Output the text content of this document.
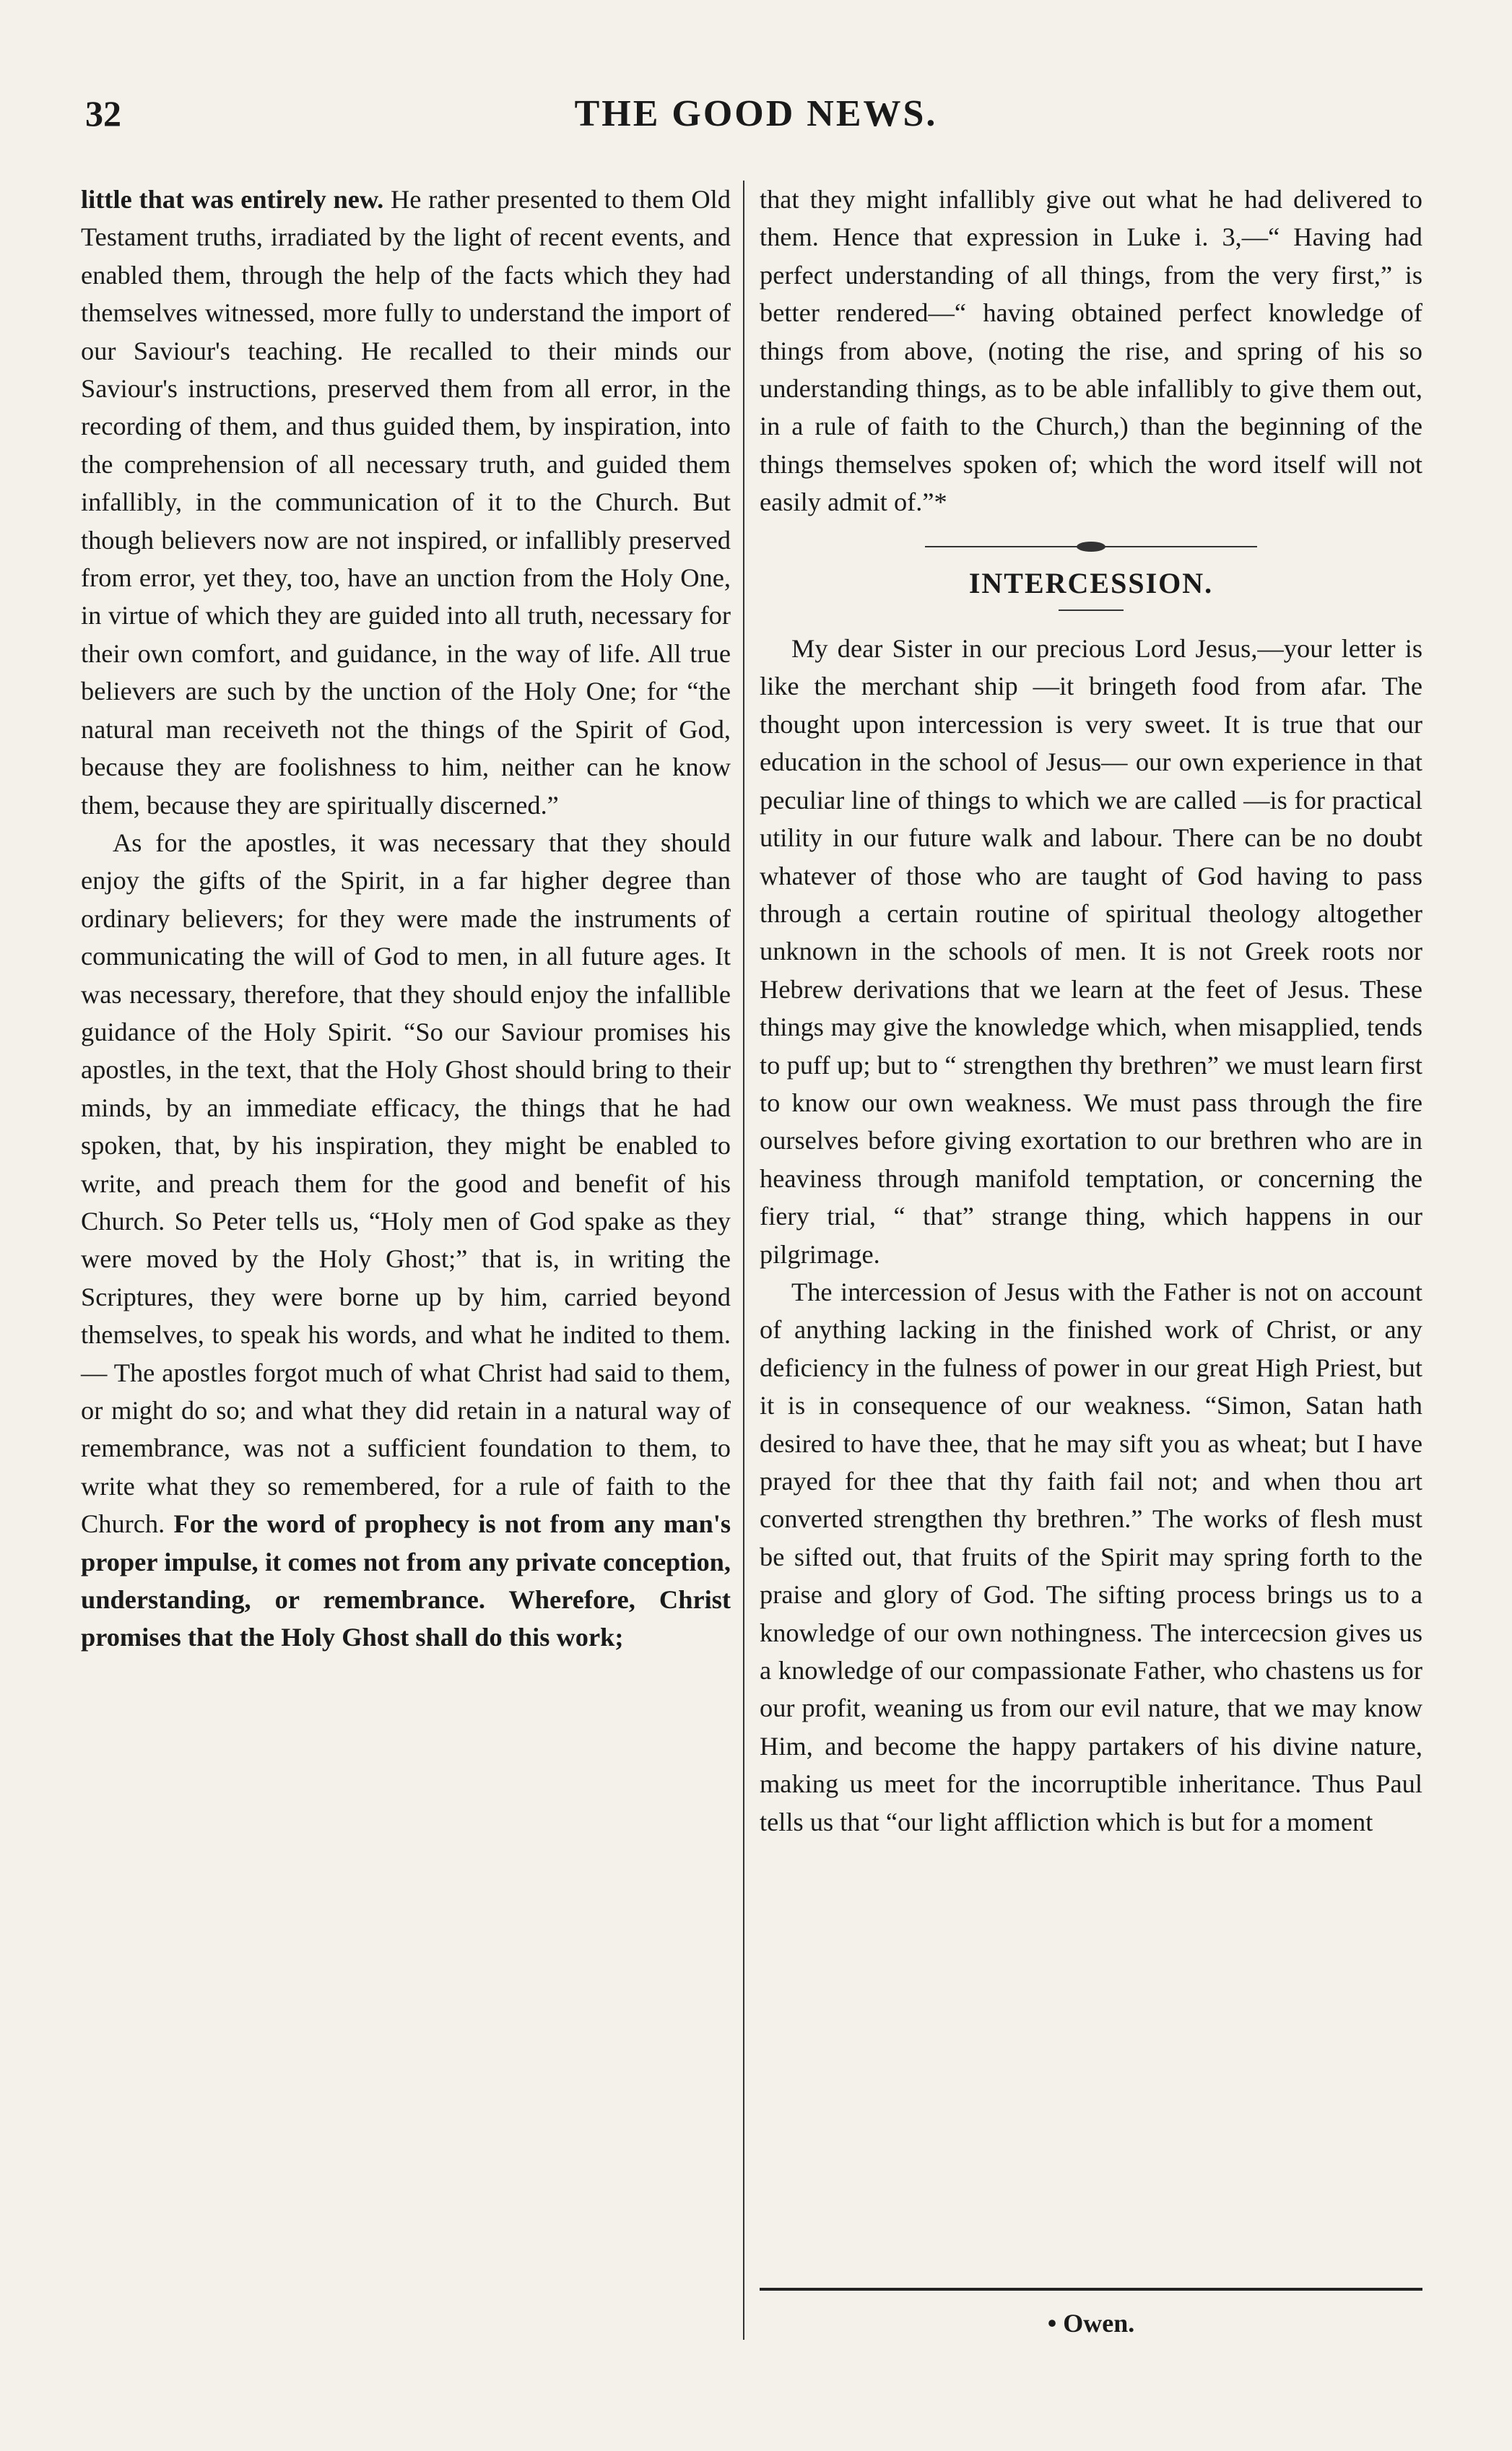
32	THE GOOD NEWS.

little that was entirely new. He rather presented to them Old Testament truths, irradiated by the light of recent events, and enabled them, through the help of the facts which they had themselves witnessed, more fully to understand the import of our Saviour's teaching. He recalled to their minds our Saviour's instructions, preserved them from all error, in the recording of them, and thus guided them, by inspiration, into the comprehension of all necessary truth, and guided them infallibly, in the communication of it to the Church. But though believers now are not inspired, or infallibly preserved from error, yet they, too, have an unction from the Holy One, in virtue of which they are guided into all truth, necessary for their own comfort, and guidance, in the way of life. All true believers are such by the unction of the Holy One; for “the natural man receiveth not the things of the Spirit of God, because they are foolishness to him, neither can he know them, because they are spiritually discerned.”

As for the apostles, it was necessary that they should enjoy the gifts of the Spirit, in a far higher degree than ordinary believers; for they were made the instruments of communicating the will of God to men, in all future ages. It was necessary, therefore, that they should enjoy the infallible guidance of the Holy Spirit. “So our Saviour promises his apostles, in the text, that the Holy Ghost should bring to their minds, by an immediate efficacy, the things that he had spoken, that, by his inspiration, they might be enabled to write, and preach them for the good and benefit of his Church. So Peter tells us, “Holy men of God spake as they were moved by the Holy Ghost;” that is, in writing the Scriptures, they were borne up by him, carried beyond themselves, to speak his words, and what he indited to them.— The apostles forgot much of what Christ had said to them, or might do so; and what they did retain in a natural way of remembrance, was not a sufficient foundation to them, to write what they so remembered, for a rule of faith to the Church. For the word of prophecy is not from any man's proper impulse, it comes not from any private conception, understanding, or remembrance. Wherefore, Christ promises that the Holy Ghost shall do this work;

that they might infallibly give out what he had delivered to them. Hence that expression in Luke i. 3,—“ Having had perfect understanding of all things, from the very first,” is better rendered—“ having obtained perfect knowledge of things from above, (noting the rise, and spring of his so understanding things, as to be able infallibly to give them out, in a rule of faith to the Church,) than the beginning of the things themselves spoken of; which the word itself will not easily admit of.”*

INTERCESSION.

My dear Sister in our precious Lord Jesus,—your letter is like the merchant ship —it bringeth food from afar. The thought upon intercession is very sweet. It is true that our education in the school of Jesus— our own experience in that peculiar line of things to which we are called —is for practical utility in our future walk and labour. There can be no doubt whatever of those who are taught of God having to pass through a certain routine of spiritual theology altogether unknown in the schools of men. It is not Greek roots nor Hebrew derivations that we learn at the feet of Jesus. These things may give the knowledge which, when misapplied, tends to puff up; but to “ strengthen thy brethren” we must learn first to know our own weakness. We must pass through the fire ourselves before giving exortation to our brethren who are in heaviness through manifold temptation, or concerning the fiery trial, “ that” strange thing, which happens in our pilgrimage.

The intercession of Jesus with the Father is not on account of anything lacking in the finished work of Christ, or any deficiency in the fulness of power in our great High Priest, but it is in consequence of our weakness. “Simon, Satan hath desired to have thee, that he may sift you as wheat; but I have prayed for thee that thy faith fail not; and when thou art converted strengthen thy brethren.” The works of flesh must be sifted out, that fruits of the Spirit may spring forth to the praise and glory of God. The sifting process brings us to a knowledge of our own nothingness. The intercecsion gives us a knowledge of our compassionate Father, who chastens us for our profit, weaning us from our evil nature, that we may know Him, and become the happy partakers of his divine nature, making us meet for the incorruptible inheritance. Thus Paul tells us that “our light affliction which is but for a moment

• Owen.
